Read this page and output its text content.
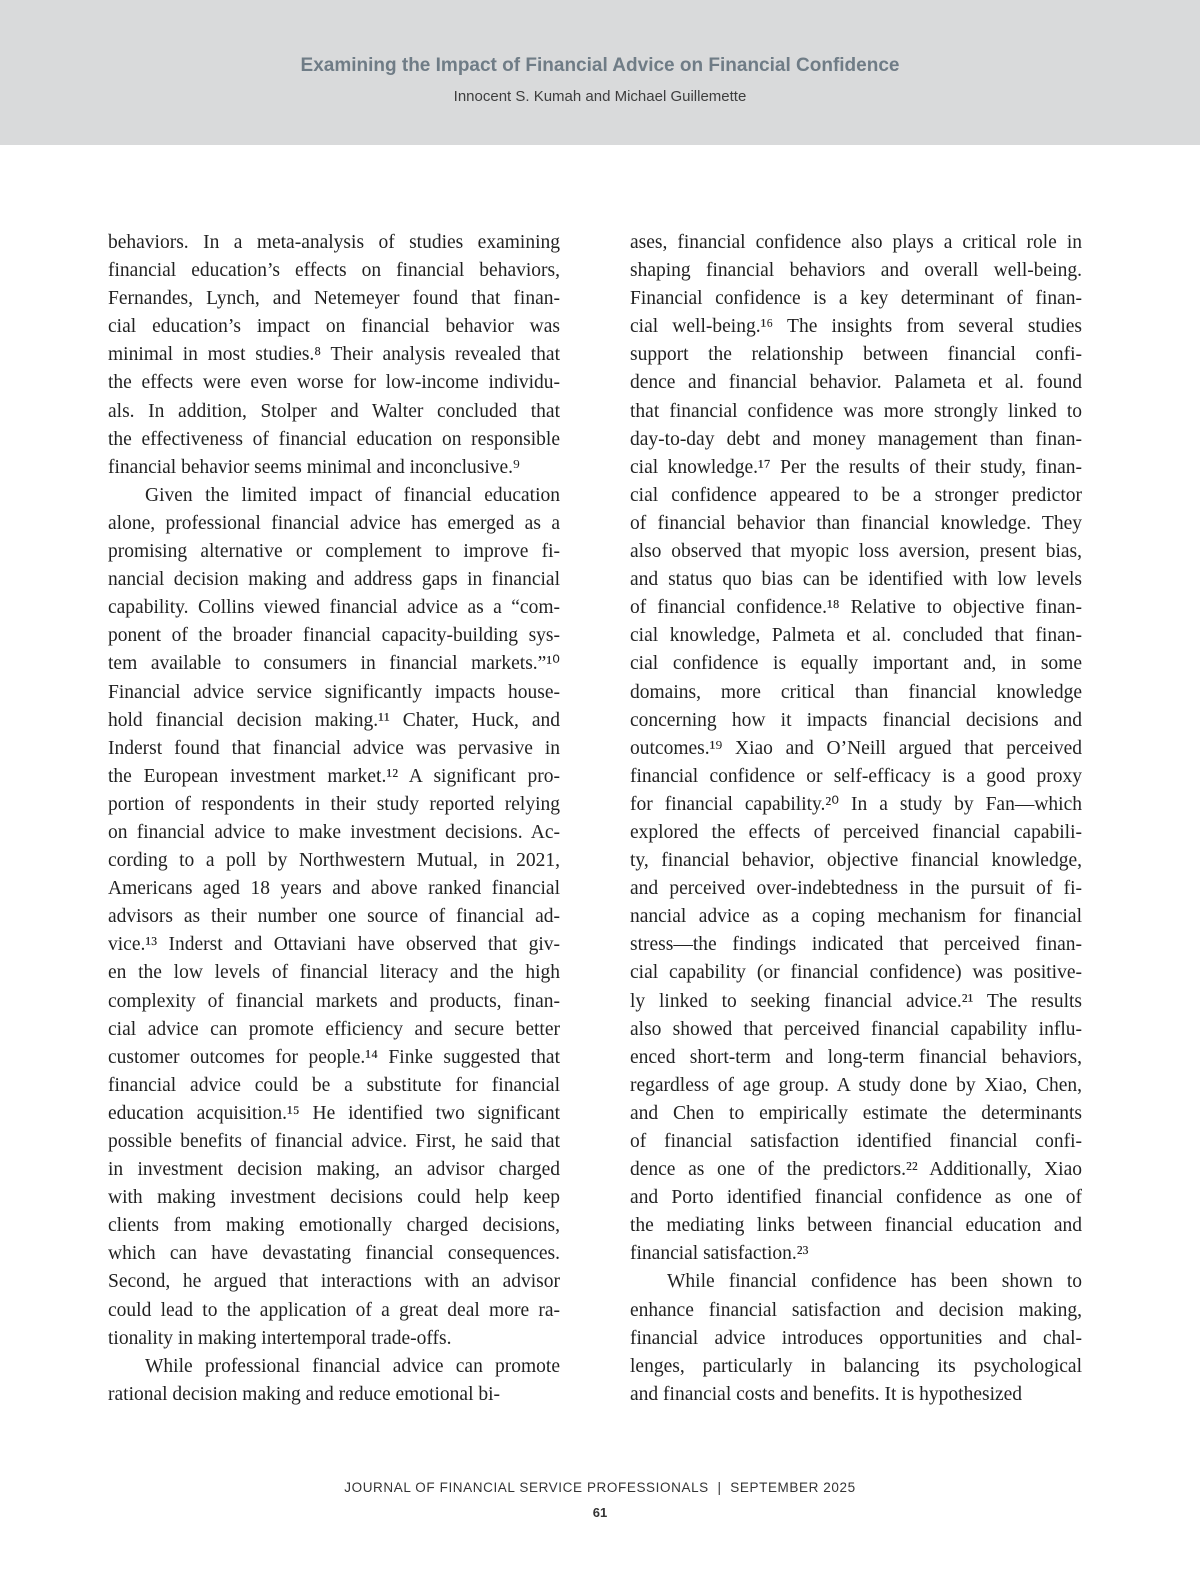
Examining the Impact of Financial Advice on Financial Confidence
Innocent S. Kumah and Michael Guillemette
behaviors. In a meta-analysis of studies examining
financial education’s effects on financial behaviors,
Fernandes, Lynch, and Netemeyer found that finan-
cial education’s impact on financial behavior was
minimal in most studies.⁸ Their analysis revealed that
the effects were even worse for low-income individu-
als. In addition, Stolper and Walter concluded that
the effectiveness of financial education on responsible
financial behavior seems minimal and inconclusive.⁹
Given the limited impact of financial education
alone, professional financial advice has emerged as a
promising alternative or complement to improve fi-
nancial decision making and address gaps in financial
capability. Collins viewed financial advice as a “com-
ponent of the broader financial capacity-building sys-
tem available to consumers in financial markets.”¹⁰
Financial advice service significantly impacts house-
hold financial decision making.¹¹ Chater, Huck, and
Inderst found that financial advice was pervasive in
the European investment market.¹² A significant pro-
portion of respondents in their study reported relying
on financial advice to make investment decisions. Ac-
cording to a poll by Northwestern Mutual, in 2021,
Americans aged 18 years and above ranked financial
advisors as their number one source of financial ad-
vice.¹³ Inderst and Ottaviani have observed that giv-
en the low levels of financial literacy and the high
complexity of financial markets and products, finan-
cial advice can promote efficiency and secure better
customer outcomes for people.¹⁴ Finke suggested that
financial advice could be a substitute for financial
education acquisition.¹⁵ He identified two significant
possible benefits of financial advice. First, he said that
in investment decision making, an advisor charged
with making investment decisions could help keep
clients from making emotionally charged decisions,
which can have devastating financial consequences.
Second, he argued that interactions with an advisor
could lead to the application of a great deal more ra-
tionality in making intertemporal trade-offs.
While professional financial advice can promote
rational decision making and reduce emotional bi-
ases, financial confidence also plays a critical role in
shaping financial behaviors and overall well-being.
Financial confidence is a key determinant of finan-
cial well-being.¹⁶ The insights from several studies
support the relationship between financial confi-
dence and financial behavior. Palameta et al. found
that financial confidence was more strongly linked to
day-to-day debt and money management than finan-
cial knowledge.¹⁷ Per the results of their study, finan-
cial confidence appeared to be a stronger predictor
of financial behavior than financial knowledge. They
also observed that myopic loss aversion, present bias,
and status quo bias can be identified with low levels
of financial confidence.¹⁸ Relative to objective finan-
cial knowledge, Palmeta et al. concluded that finan-
cial confidence is equally important and, in some
domains, more critical than financial knowledge
concerning how it impacts financial decisions and
outcomes.¹⁹ Xiao and O’Neill argued that perceived
financial confidence or self-efficacy is a good proxy
for financial capability.²⁰ In a study by Fan—which
explored the effects of perceived financial capabili-
ty, financial behavior, objective financial knowledge,
and perceived over-indebtedness in the pursuit of fi-
nancial advice as a coping mechanism for financial
stress—the findings indicated that perceived finan-
cial capability (or financial confidence) was positive-
ly linked to seeking financial advice.²¹ The results
also showed that perceived financial capability influ-
enced short-term and long-term financial behaviors,
regardless of age group. A study done by Xiao, Chen,
and Chen to empirically estimate the determinants
of financial satisfaction identified financial confi-
dence as one of the predictors.²² Additionally, Xiao
and Porto identified financial confidence as one of
the mediating links between financial education and
financial satisfaction.²³
While financial confidence has been shown to
enhance financial satisfaction and decision making,
financial advice introduces opportunities and chal-
lenges, particularly in balancing its psychological
and financial costs and benefits. It is hypothesized
JOURNAL OF FINANCIAL SERVICE PROFESSIONALS  |  SEPTEMBER 2025
61
